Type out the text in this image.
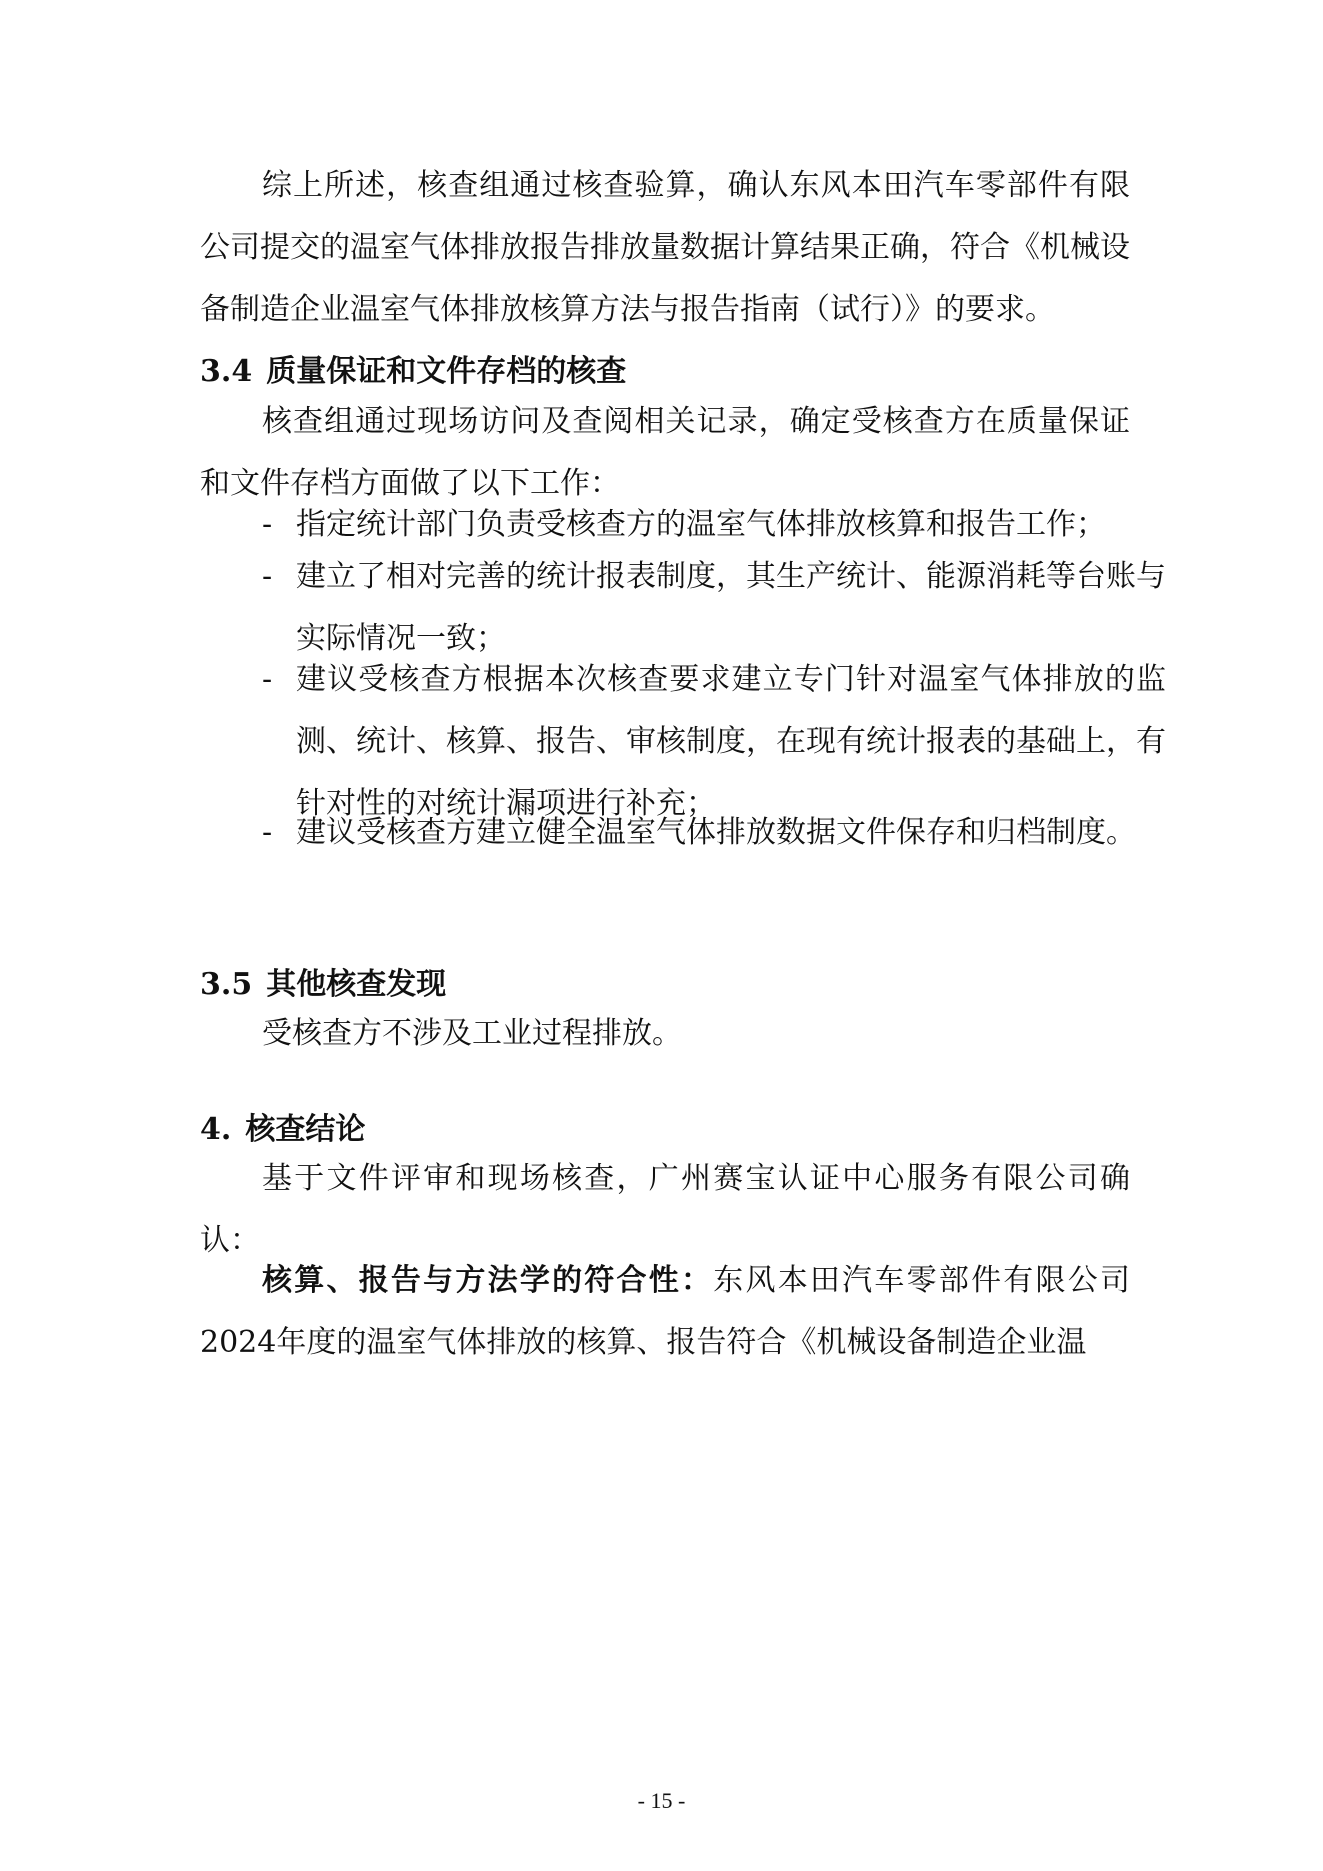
综上所述，核查组通过核查验算，确认东风本田汽车零部件有限公司提交的温室气体排放报告排放量数据计算结果正确，符合《机械设备制造企业温室气体排放核算方法与报告指南（试行）》的要求。

3.4 质量保证和文件存档的核查

核查组通过现场访问及查阅相关记录，确定受核查方在质量保证和文件存档方面做了以下工作：

- 指定统计部门负责受核查方的温室气体排放核算和报告工作；
- 建立了相对完善的统计报表制度，其生产统计、能源消耗等台账与实际情况一致；
- 建议受核查方根据本次核查要求建立专门针对温室气体排放的监测、统计、核算、报告、审核制度，在现有统计报表的基础上，有针对性的对统计漏项进行补充；
- 建议受核查方建立健全温室气体排放数据文件保存和归档制度。
3.5 其他核查发现

受核查方不涉及工业过程排放。

4. 核查结论

基于文件评审和现场核查，广州赛宝认证中心服务有限公司确认：

核算、报告与方法学的符合性：东风本田汽车零部件有限公司2024年度的温室气体排放的核算、报告符合《机械设备制造企业温

- 15 -
